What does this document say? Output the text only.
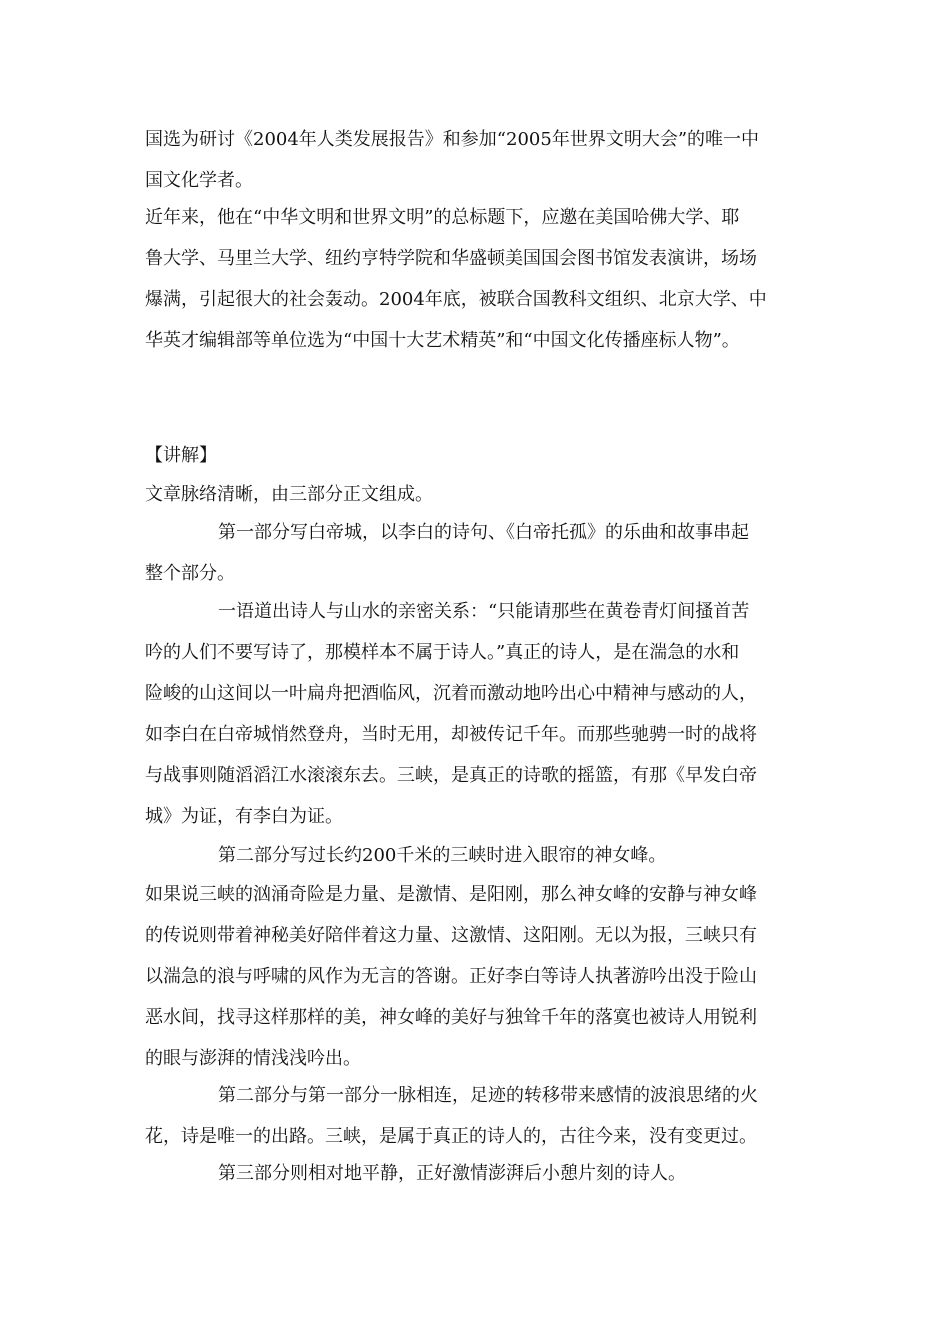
国选为研讨《2004年人类发展报告》和参加“2005年世界文明大会”的唯一中
国文化学者。
近年来，他在“中华文明和世界文明”的总标题下，应邀在美国哈佛大学、耶
鲁大学、马里兰大学、纽约亨特学院和华盛顿美国国会图书馆发表演讲，场场
爆满，引起很大的社会轰动。2004年底，被联合国教科文组织、北京大学、中
华英才编辑部等单位选为“中国十大艺术精英”和“中国文化传播座标人物”。
【讲解】
文章脉络清晰，由三部分正文组成。
第一部分写白帝城，以李白的诗句、《白帝托孤》的乐曲和故事串起
整个部分。
一语道出诗人与山水的亲密关系：“只能请那些在黄卷青灯间搔首苦
吟的人们不要写诗了，那模样本不属于诗人。”真正的诗人，是在湍急的水和
险峻的山这间以一叶扁舟把酒临风，沉着而激动地吟出心中精神与感动的人，
如李白在白帝城悄然登舟，当时无用，却被传记千年。而那些驰骋一时的战将
与战事则随滔滔江水滚滚东去。三峡，是真正的诗歌的摇篮，有那《早发白帝
城》为证，有李白为证。
第二部分写过长约200千米的三峡时进入眼帘的神女峰。
如果说三峡的汹涌奇险是力量、是激情、是阳刚，那么神女峰的安静与神女峰
的传说则带着神秘美好陪伴着这力量、这激情、这阳刚。无以为报，三峡只有
以湍急的浪与呼啸的风作为无言的答谢。正好李白等诗人执著游吟出没于险山
恶水间，找寻这样那样的美，神女峰的美好与独耸千年的落寞也被诗人用锐利
的眼与澎湃的情浅浅吟出。
第二部分与第一部分一脉相连，足迹的转移带来感情的波浪思绪的火
花，诗是唯一的出路。三峡，是属于真正的诗人的，古往今来，没有变更过。
第三部分则相对地平静，正好激情澎湃后小憩片刻的诗人。
